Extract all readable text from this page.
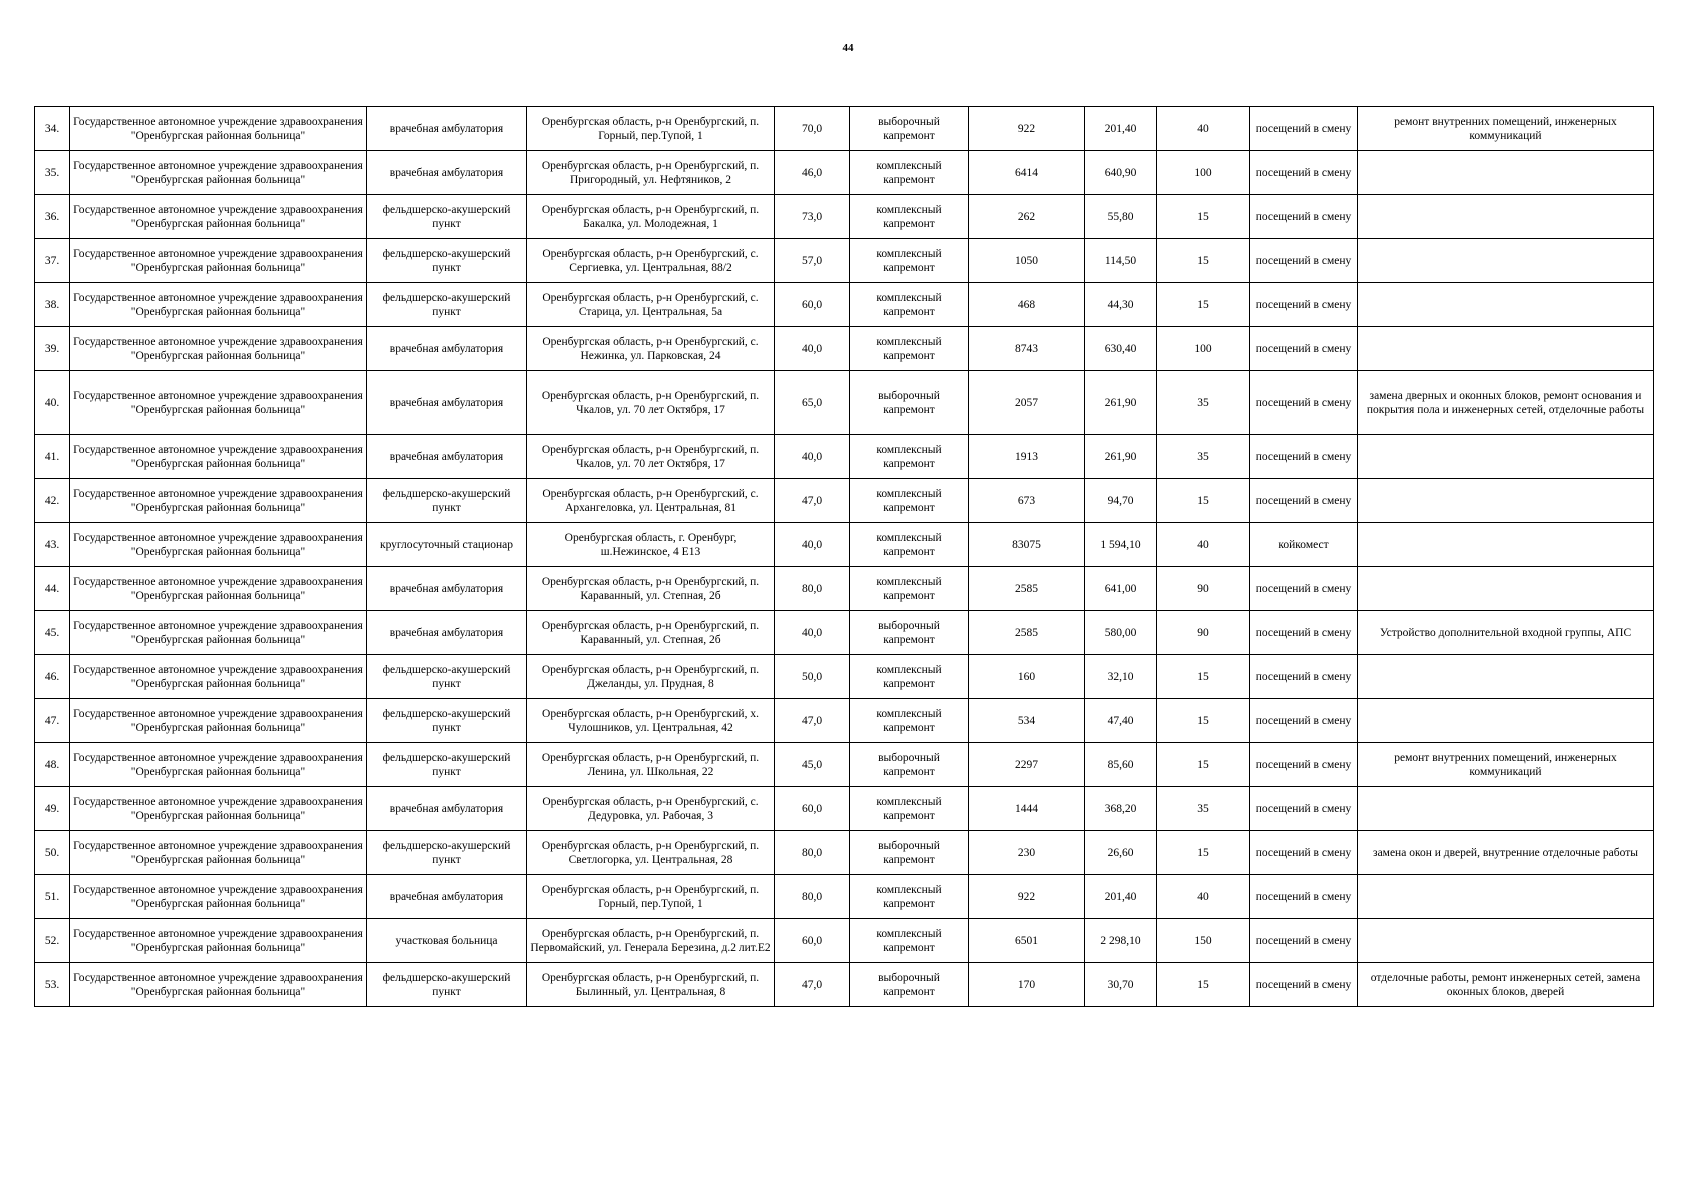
44
34.	Государственное автономное учреждение здравоохранения "Оренбургская районная больница"	врачебная амбулатория	Оренбургская область, р-н Оренбургский, п. Горный, пер.Тупой, 1	70,0	выборочный капремонт	922	201,40	40	посещений в смену	ремонт внутренних помещений, инженерных коммуникаций
35.	Государственное автономное учреждение здравоохранения "Оренбургская районная больница"	врачебная амбулатория	Оренбургская область, р-н Оренбургский, п. Пригородный, ул. Нефтяников, 2	46,0	комплексный капремонт	6414	640,90	100	посещений в смену	
36.	Государственное автономное учреждение здравоохранения "Оренбургская районная больница"	фельдшерско-акушерский пункт	Оренбургская область, р-н Оренбургский, п. Бакалка, ул. Молодежная, 1	73,0	комплексный капремонт	262	55,80	15	посещений в смену	
37.	Государственное автономное учреждение здравоохранения "Оренбургская районная больница"	фельдшерско-акушерский пункт	Оренбургская область, р-н Оренбургский, с. Сергиевка, ул. Центральная, 88/2	57,0	комплексный капремонт	1050	114,50	15	посещений в смену	
38.	Государственное автономное учреждение здравоохранения "Оренбургская районная больница"	фельдшерско-акушерский пункт	Оренбургская область, р-н Оренбургский, с. Старица, ул. Центральная, 5а	60,0	комплексный капремонт	468	44,30	15	посещений в смену	
39.	Государственное автономное учреждение здравоохранения "Оренбургская районная больница"	врачебная амбулатория	Оренбургская область, р-н Оренбургский, с. Нежинка, ул. Парковская, 24	40,0	комплексный капремонт	8743	630,40	100	посещений в смену	
40.	Государственное автономное учреждение здравоохранения "Оренбургская районная больница"	врачебная амбулатория	Оренбургская область, р-н Оренбургский, п. Чкалов, ул. 70 лет Октября, 17	65,0	выборочный капремонт	2057	261,90	35	посещений в смену	замена дверных и оконных блоков, ремонт основания и покрытия пола и инженерных сетей, отделочные работы
41.	Государственное автономное учреждение здравоохранения "Оренбургская районная больница"	врачебная амбулатория	Оренбургская область, р-н Оренбургский, п. Чкалов, ул. 70 лет Октября, 17	40,0	комплексный капремонт	1913	261,90	35	посещений в смену	
42.	Государственное автономное учреждение здравоохранения "Оренбургская районная больница"	фельдшерско-акушерский пункт	Оренбургская область, р-н Оренбургский, с. Архангеловка, ул. Центральная, 81	47,0	комплексный капремонт	673	94,70	15	посещений в смену	
43.	Государственное автономное учреждение здравоохранения "Оренбургская районная больница"	круглосуточный стационар	Оренбургская область, г. Оренбург, ш.Нежинское, 4 Е13	40,0	комплексный капремонт	83075	1 594,10	40	койкомест	
44.	Государственное автономное учреждение здравоохранения "Оренбургская районная больница"	врачебная амбулатория	Оренбургская область, р-н Оренбургский, п. Караванный, ул. Степная, 2б	80,0	комплексный капремонт	2585	641,00	90	посещений в смену	
45.	Государственное автономное учреждение здравоохранения "Оренбургская районная больница"	врачебная амбулатория	Оренбургская область, р-н Оренбургский, п. Караванный, ул. Степная, 2б	40,0	выборочный капремонт	2585	580,00	90	посещений в смену	Устройство дополнительной входной группы, АПС
46.	Государственное автономное учреждение здравоохранения "Оренбургская районная больница"	фельдшерско-акушерский пункт	Оренбургская область, р-н Оренбургский, п. Джеланды, ул. Прудная, 8	50,0	комплексный капремонт	160	32,10	15	посещений в смену	
47.	Государственное автономное учреждение здравоохранения "Оренбургская районная больница"	фельдшерско-акушерский пункт	Оренбургская область, р-н Оренбургский, х. Чулошников, ул. Центральная, 42	47,0	комплексный капремонт	534	47,40	15	посещений в смену	
48.	Государственное автономное учреждение здравоохранения "Оренбургская районная больница"	фельдшерско-акушерский пункт	Оренбургская область, р-н Оренбургский, п. Ленина, ул. Школьная, 22	45,0	выборочный капремонт	2297	85,60	15	посещений в смену	ремонт внутренних помещений, инженерных коммуникаций
49.	Государственное автономное учреждение здравоохранения "Оренбургская районная больница"	врачебная амбулатория	Оренбургская область, р-н Оренбургский, с. Дедуровка, ул. Рабочая, 3	60,0	комплексный капремонт	1444	368,20	35	посещений в смену	
50.	Государственное автономное учреждение здравоохранения "Оренбургская районная больница"	фельдшерско-акушерский пункт	Оренбургская область, р-н Оренбургский, п. Светлогорка, ул. Центральная, 28	80,0	выборочный капремонт	230	26,60	15	посещений в смену	замена окон и дверей, внутренние отделочные работы
51.	Государственное автономное учреждение здравоохранения "Оренбургская районная больница"	врачебная амбулатория	Оренбургская область, р-н Оренбургский, п. Горный, пер.Тупой, 1	80,0	комплексный капремонт	922	201,40	40	посещений в смену	
52.	Государственное автономное учреждение здравоохранения "Оренбургская районная больница"	участковая больница	Оренбургская область, р-н Оренбургский, п. Первомайский, ул. Генерала Березина, д.2 лит.Е2	60,0	комплексный капремонт	6501	2 298,10	150	посещений в смену	
53.	Государственное автономное учреждение здравоохранения "Оренбургская районная больница"	фельдшерско-акушерский пункт	Оренбургская область, р-н Оренбургский, п. Былинный, ул. Центральная, 8	47,0	выборочный капремонт	170	30,70	15	посещений в смену	отделочные работы, ремонт инженерных сетей, замена оконных блоков, дверей
